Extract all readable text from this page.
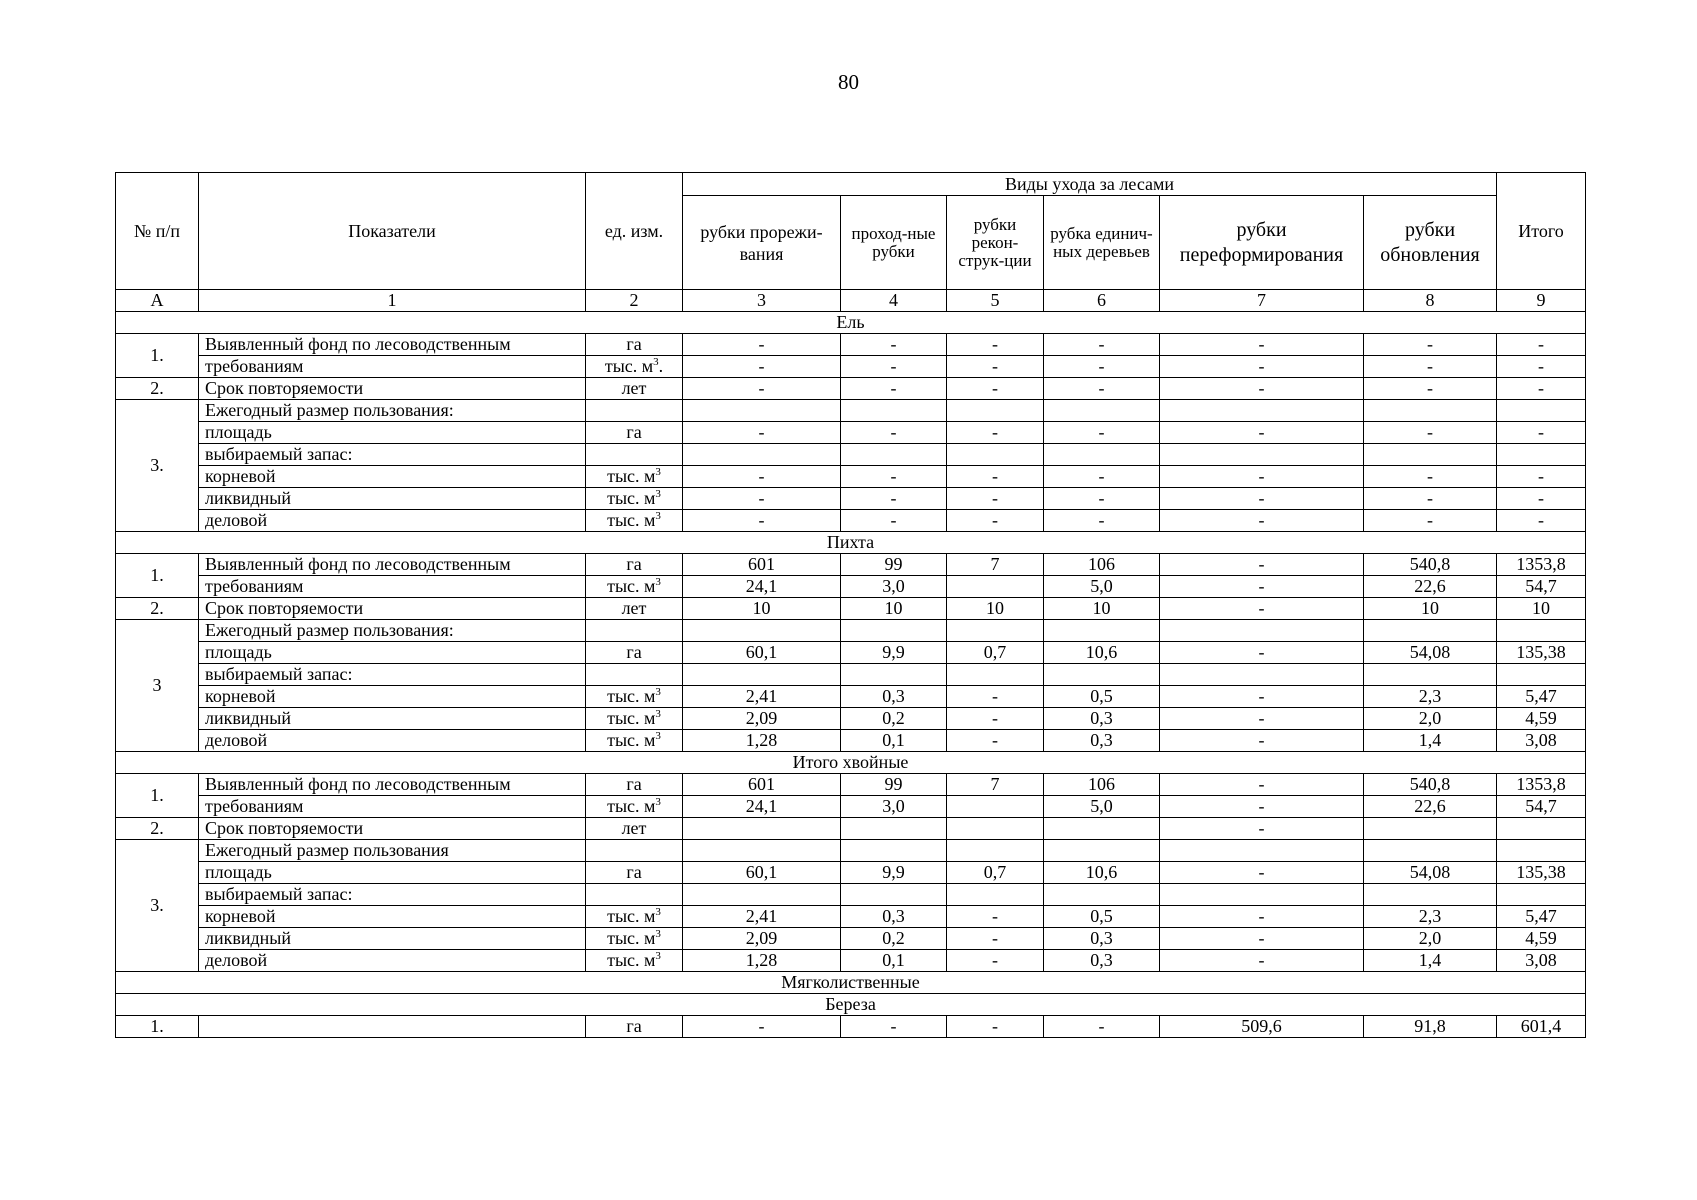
80
№ п/п	Показатели	ед. изм.	Виды ухода за лесами						Итого
			рубки прорежи-вания	проход-ные рубки	рубки рекон-струк-ции	рубка единич-ных деревьев	рубки переформирования	рубки обновления	
А	1	2	3	4	5	6	7	8	9
Ель									
1.	Выявленный фонд по лесоводственным	га	-	-	-	-	-	-	-
	требованиям	тыс. $м^3$.	-	-	-	-	-	-	-
2.	Срок повторяемости	лет	-	-	-	-	-	-	-
3.	Ежегодный размер пользования:								
	площадь	га	-	-	-	-	-	-	-
	выбираемый запас:								
	корневой	тыс. $м^3$	-	-	-	-	-	-	-
	ликвидный	тыс. $м^3$	-	-	-	-	-	-	-
	деловой	тыс. $м^3$	-	-	-	-	-	-	-
Пихта									
1.	Выявленный фонд по лесоводственным	га	601	99	7	106	-	540,8	1353,8
	требованиям	тыс. $м^3$	24,1	3,0		5,0	-	22,6	54,7
2.	Срок повторяемости	лет	10	10	10	10	-	10	10
3	Ежегодный размер пользования:								
	площадь	га	60,1	9,9	0,7	10,6	-	54,08	135,38
	выбираемый запас:								
	корневой	тыс. $м^3$	2,41	0,3	-	0,5	-	2,3	5,47
	ликвидный	тыс. $м^3$	2,09	0,2	-	0,3	-	2,0	4,59
	деловой	тыс. $м^3$	1,28	0,1	-	0,3	-	1,4	3,08
Итого хвойные									
1.	Выявленный фонд по лесоводственным	га	601	99	7	106	-	540,8	1353,8
	требованиям	тыс. $м^3$	24,1	3,0		5,0	-	22,6	54,7
2.	Срок повторяемости	лет					-		
3.	Ежегодный размер пользования								
	площадь	га	60,1	9,9	0,7	10,6	-	54,08	135,38
	выбираемый запас:								
	корневой	тыс. $м^3$	2,41	0,3	-	0,5	-	2,3	5,47
	ликвидный	тыс. $м^3$	2,09	0,2	-	0,3	-	2,0	4,59
	деловой	тыс. $м^3$	1,28	0,1	-	0,3	-	1,4	3,08
Мягколиственные									
Береза									
1.		га	-	-	-	-	509,6	91,8	601,4
